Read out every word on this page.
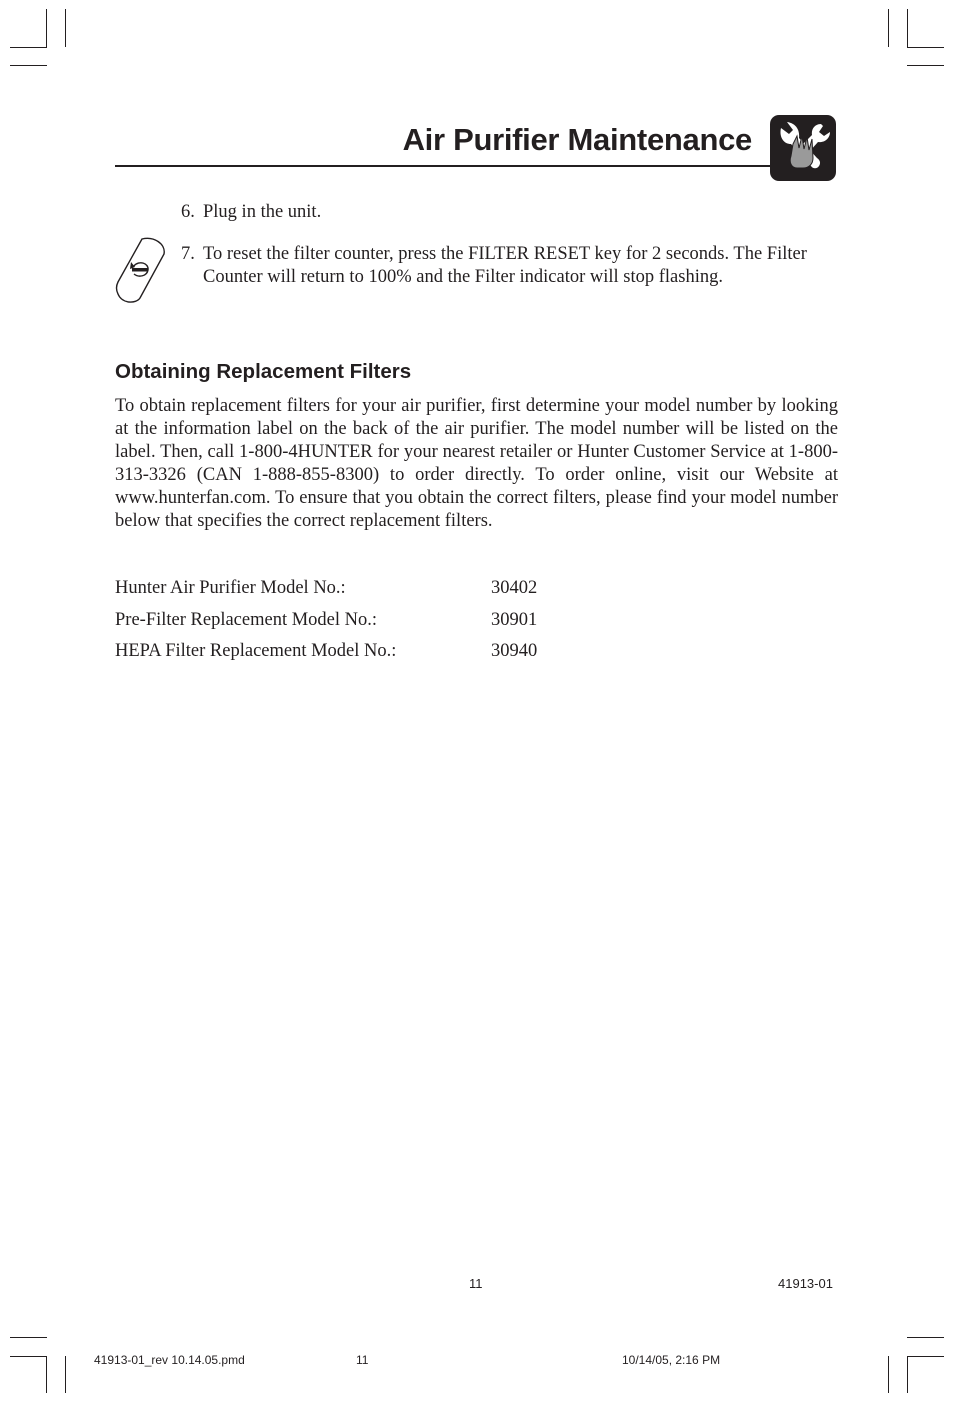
Air Purifier Maintenance
6. Plug in the unit.
7. To reset the filter counter, press the FILTER RESET key for 2 seconds. The Filter
Counter will return to 100% and the Filter indicator will stop flashing.
Obtaining Replacement Filters
To obtain replacement filters for your air purifier, first determine your model number by looking at the information label on the back of the air purifier. The model number will be listed on the label. Then, call 1-800-4HUNTER for your nearest retailer or Hunter Customer Service at 1-800-313-3326 (CAN 1-888-855-8300) to order directly. To order online, visit our Website at www.hunterfan.com. To ensure that you obtain the correct filters, please find your model number below that specifies the correct replacement filters.
Hunter Air Purifier Model No.:	30402
Pre-Filter Replacement Model No.:	30901
HEPA Filter Replacement Model No.:	30940
11	41913-01
41913-01_rev 10.14.05.pmd	11	10/14/05, 2:16 PM
